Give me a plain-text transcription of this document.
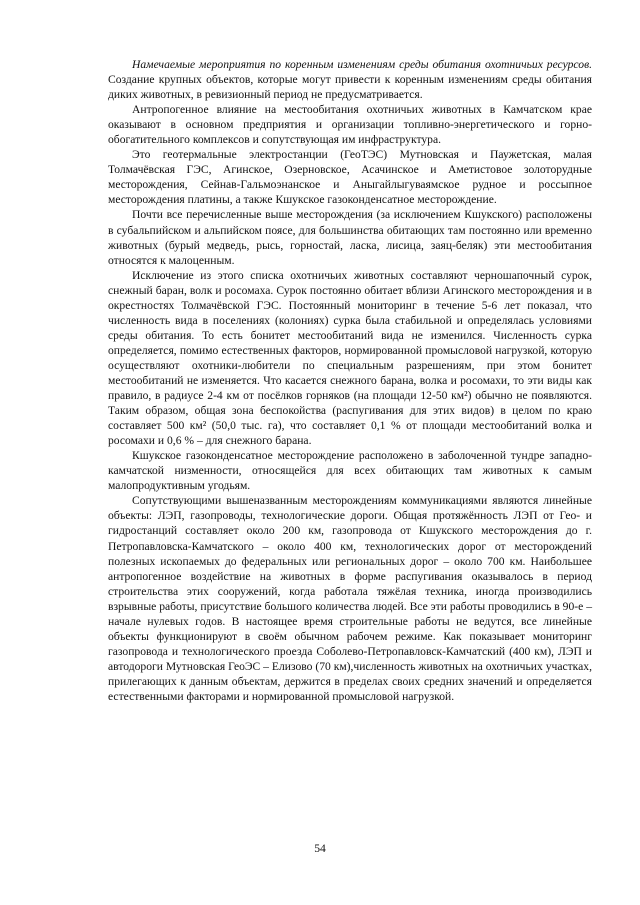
Намечаемые мероприятия по коренным изменениям среды обитания охотничьих ресурсов. Создание крупных объектов, которые могут привести к коренным изменениям среды обитания диких животных, в ревизионный период не предусматривается.

Антропогенное влияние на местообитания охотничьих животных в Камчатском крае оказывают в основном предприятия и организации топливно-энергетического и горно-обогатительного комплексов и сопутствующая им инфраструктура.

Это геотермальные электростанции (ГеоТЭС) Мутновская и Паужетская, малая Толмачёвская ГЭС, Агинское, Озерновское, Асачинское и Аметистовое золоторудные месторождения, Сейнав-Гальмоэнанское и Аныгайлыгуваямское рудное и россыпное месторождения платины, а также Кшукское газоконденсатное месторождение.

Почти все перечисленные выше месторождения (за исключением Кшукского) расположены в субальпийском и альпийском поясе, для большинства обитающих там постоянно или временно животных (бурый медведь, рысь, горностай, ласка, лисица, заяц-беляк) эти местообитания относятся к малоценным.

Исключение из этого списка охотничьих животных составляют черношапочный сурок, снежный баран, волк и росомаха. Сурок постоянно обитает вблизи Агинского месторождения и в окрестностях Толмачёвской ГЭС. Постоянный мониторинг в течение 5-6 лет показал, что численность вида в поселениях (колониях) сурка была стабильной и определялась условиями среды обитания. То есть бонитет местообитаний вида не изменился. Численность сурка определяется, помимо естественных факторов, нормированной промысловой нагрузкой, которую осуществляют охотники-любители по специальным разрешениям, при этом бонитет местообитаний не изменяется. Что касается снежного барана, волка и росомахи, то эти виды как правило, в радиусе 2-4 км от посёлков горняков (на площади 12-50 км²) обычно не появляются. Таким образом, общая зона беспокойства (распугивания для этих видов) в целом по краю составляет 500 км² (50,0 тыс. га), что составляет 0,1 % от площади местообитаний волка и росомахи и 0,6 % – для снежного барана.

Кшукское газоконденсатное месторождение расположено в заболоченной тундре западно-камчатской низменности, относящейся для всех обитающих там животных к самым малопродуктивным угодьям.

Сопутствующими вышеназванным месторождениям коммуникациями являются линейные объекты: ЛЭП, газопроводы, технологические дороги. Общая протяжённость ЛЭП от Гео- и гидростанций составляет около 200 км, газопровода от Кшукского месторождения до г. Петропавловска-Камчатского – около 400 км, технологических дорог от месторождений полезных ископаемых до федеральных или региональных дорог – около 700 км. Наибольшее антропогенное воздействие на животных в форме распугивания оказывалось в период строительства этих сооружений, когда работала тяжёлая техника, иногда производились взрывные работы, присутствие большого количества людей. Все эти работы проводились в 90-е – начале нулевых годов. В настоящее время строительные работы не ведутся, все линейные объекты функционируют в своём обычном рабочем режиме. Как показывает мониторинг газопровода и технологического проезда Соболево-Петропавловск-Камчатский (400 км), ЛЭП и автодороги Мутновская ГеоЭС – Елизово (70 км),численность животных на охотничьих участках, прилегающих к данным объектам, держится в пределах своих средних значений и определяется естественными факторами и нормированной промысловой нагрузкой.

54
